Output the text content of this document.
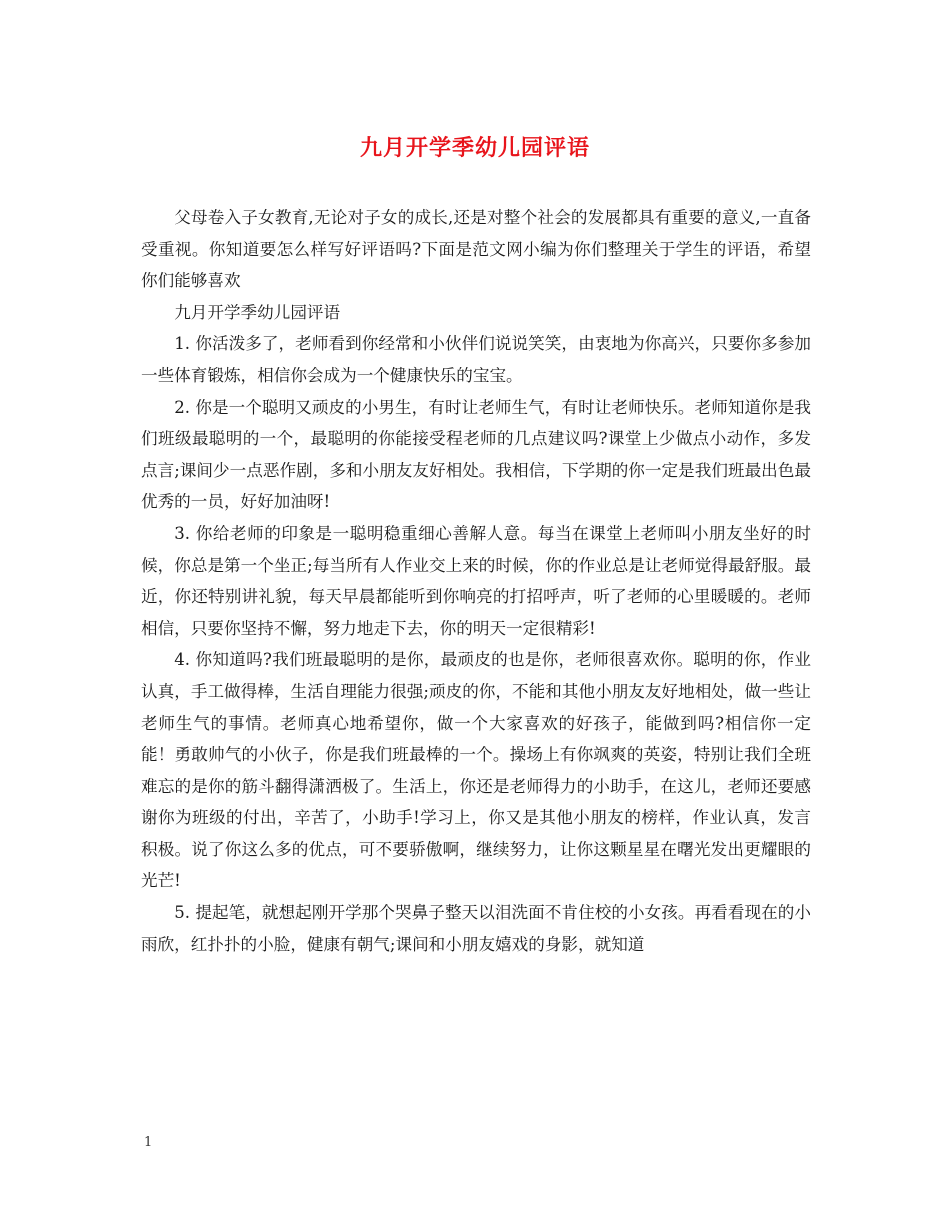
九月开学季幼儿园评语

父母卷入子女教育,无论对子女的成长,还是对整个社会的发展都具有重要的意义,一直备受重视。你知道要怎么样写好评语吗?下面是范文网小编为你们整理关于学生的评语，希望你们能够喜欢

九月开学季幼儿园评语

1. 你活泼多了，老师看到你经常和小伙伴们说说笑笑，由衷地为你高兴，只要你多参加一些体育锻炼，相信你会成为一个健康快乐的宝宝。

2. 你是一个聪明又顽皮的小男生，有时让老师生气，有时让老师快乐。老师知道你是我们班级最聪明的一个，最聪明的你能接受程老师的几点建议吗?课堂上少做点小动作，多发点言;课间少一点恶作剧，多和小朋友友好相处。我相信，下学期的你一定是我们班最出色最优秀的一员，好好加油呀!

3. 你给老师的印象是一聪明稳重细心善解人意。每当在课堂上老师叫小朋友坐好的时候，你总是第一个坐正;每当所有人作业交上来的时候，你的作业总是让老师觉得最舒服。最近，你还特别讲礼貌，每天早晨都能听到你响亮的打招呼声，听了老师的心里暖暖的。老师相信，只要你坚持不懈，努力地走下去，你的明天一定很精彩!

4. 你知道吗?我们班最聪明的是你，最顽皮的也是你，老师很喜欢你。聪明的你，作业认真，手工做得棒，生活自理能力很强;顽皮的你，不能和其他小朋友友好地相处，做一些让老师生气的事情。老师真心地希望你，做一个大家喜欢的好孩子，能做到吗?相信你一定能！勇敢帅气的小伙子，你是我们班最棒的一个。操场上有你飒爽的英姿，特别让我们全班难忘的是你的筋斗翻得潇洒极了。生活上，你还是老师得力的小助手，在这儿，老师还要感谢你为班级的付出，辛苦了，小助手!学习上，你又是其他小朋友的榜样，作业认真，发言积极。说了你这么多的优点，可不要骄傲啊，继续努力，让你这颗星星在曙光发出更耀眼的光芒!

5. 提起笔，就想起刚开学那个哭鼻子整天以泪洗面不肯住校的小女孩。再看看现在的小雨欣，红扑扑的小脸，健康有朝气;课间和小朋友嬉戏的身影，就知道

1
